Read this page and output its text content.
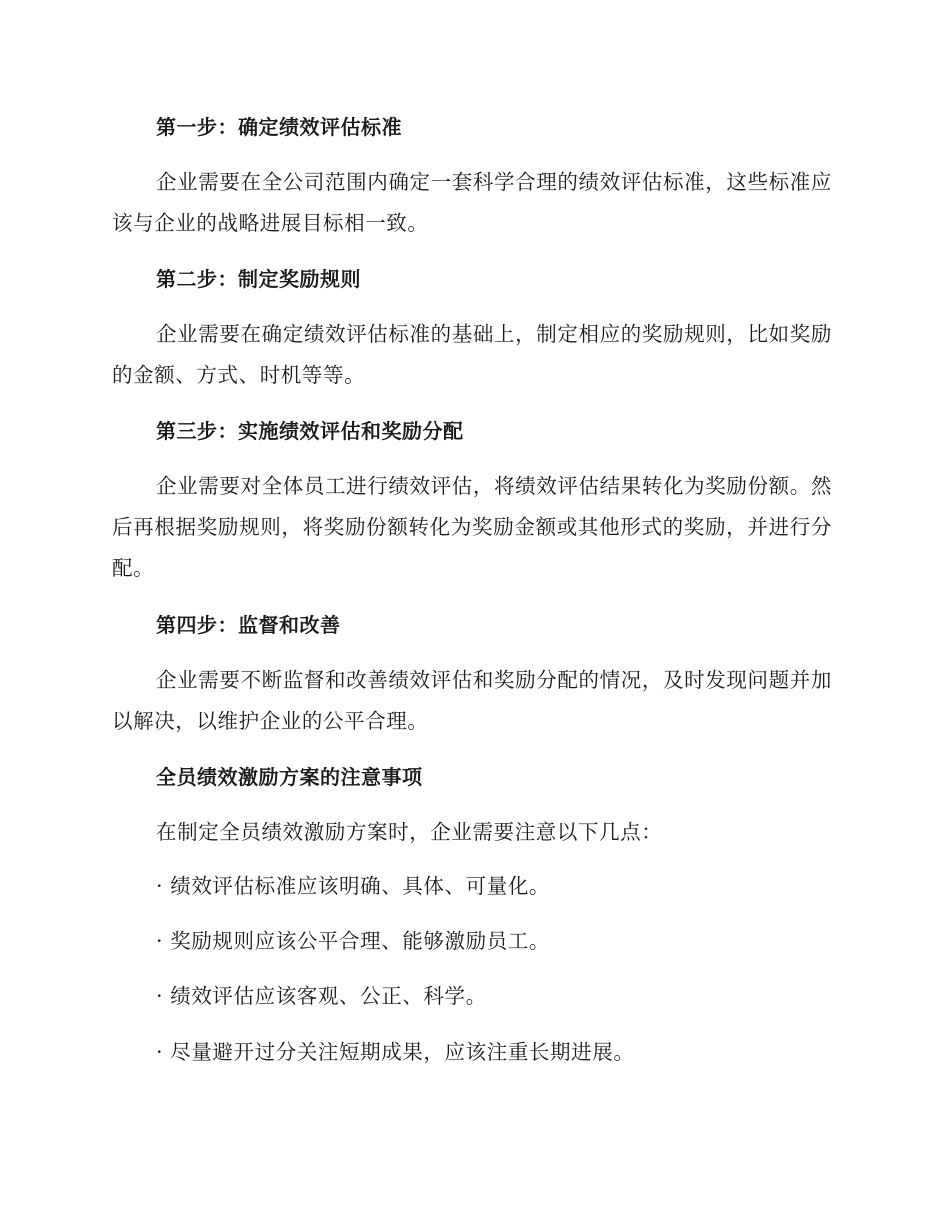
第一步：确定绩效评估标准
企业需要在全公司范围内确定一套科学合理的绩效评估标准，这些标准应该与企业的战略进展目标相一致。
第二步：制定奖励规则
企业需要在确定绩效评估标准的基础上，制定相应的奖励规则，比如奖励的金额、方式、时机等等。
第三步：实施绩效评估和奖励分配
企业需要对全体员工进行绩效评估，将绩效评估结果转化为奖励份额。然后再根据奖励规则，将奖励份额转化为奖励金额或其他形式的奖励，并进行分配。
第四步：监督和改善
企业需要不断监督和改善绩效评估和奖励分配的情况，及时发现问题并加以解决，以维护企业的公平合理。
全员绩效激励方案的注意事项
在制定全员绩效激励方案时，企业需要注意以下几点：
· 绩效评估标准应该明确、具体、可量化。
· 奖励规则应该公平合理、能够激励员工。
· 绩效评估应该客观、公正、科学。
· 尽量避开过分关注短期成果，应该注重长期进展。
